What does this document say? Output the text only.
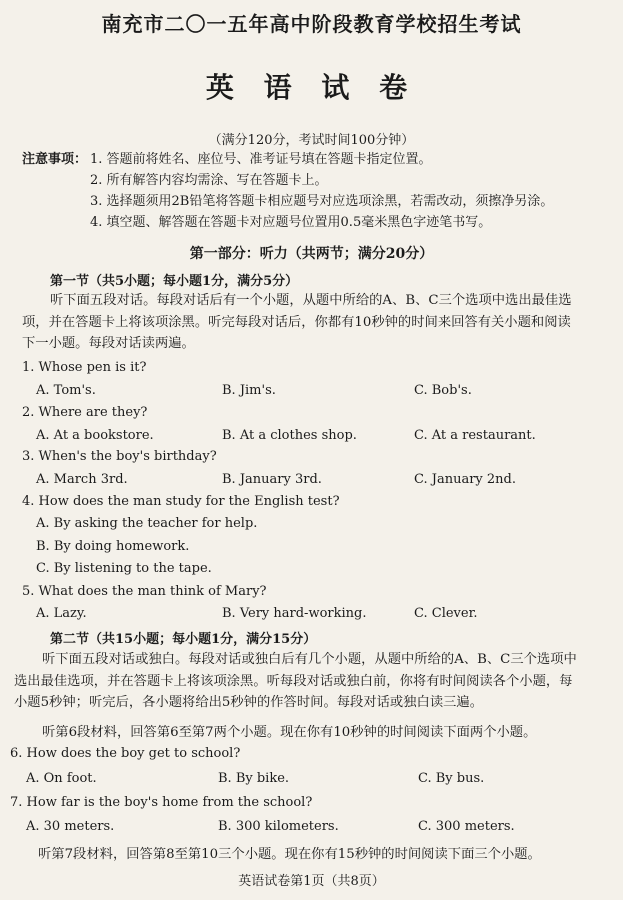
南充市二〇一五年高中阶段教育学校招生考试
英 语 试 卷
（满分120分，考试时间100分钟）
注意事项： 1. 答题前将姓名、座位号、准考证号填在答题卡指定位置。
2. 所有解答内容均需涂、写在答题卡上。
3. 选择题须用2B铅笔将答题卡相应题号对应选项涂黑，若需改动，须擦净另涂。
4. 填空题、解答题在答题卡对应题号位置用0.5毫米黑色字迹笔书写。
第一部分：听力（共两节；满分20分）
第一节（共5小题；每小题1分，满分5分）
听下面五段对话。每段对话后有一个小题，从题中所给的A、B、C三个选项中选出最佳选
项，并在答题卡上将该项涂黑。听完每段对话后，你都有10秒钟的时间来回答有关小题和阅读
下一小题。每段对话读两遍。
1. Whose pen is it?
A. Tom's.	B. Jim's.	C. Bob's.
2. Where are they?
A. At a bookstore.	B. At a clothes shop.	C. At a restaurant.
3. When's the boy's birthday?
A. March 3rd.	B. January 3rd.	C. January 2nd.
4. How does the man study for the English test?
A. By asking the teacher for help.
B. By doing homework.
C. By listening to the tape.
5. What does the man think of Mary?
A. Lazy.	B. Very hard-working.	C. Clever.
第二节（共15小题；每小题1分，满分15分）
听下面五段对话或独白。每段对话或独白后有几个小题，从题中所给的A、B、C三个选项中
选出最佳选项，并在答题卡上将该项涂黑。听每段对话或独白前，你将有时间阅读各个小题，每
小题5秒钟；听完后，各小题将给出5秒钟的作答时间。每段对话或独白读三遍。
听第6段材料，回答第6至第7两个小题。现在你有10秒钟的时间阅读下面两个小题。
6. How does the boy get to school?
A. On foot.	B. By bike.	C. By bus.
7. How far is the boy's home from the school?
A. 30 meters.	B. 300 kilometers.	C. 300 meters.
听第7段材料，回答第8至第10三个小题。现在你有15秒钟的时间阅读下面三个小题。
英语试卷第1页（共8页）
